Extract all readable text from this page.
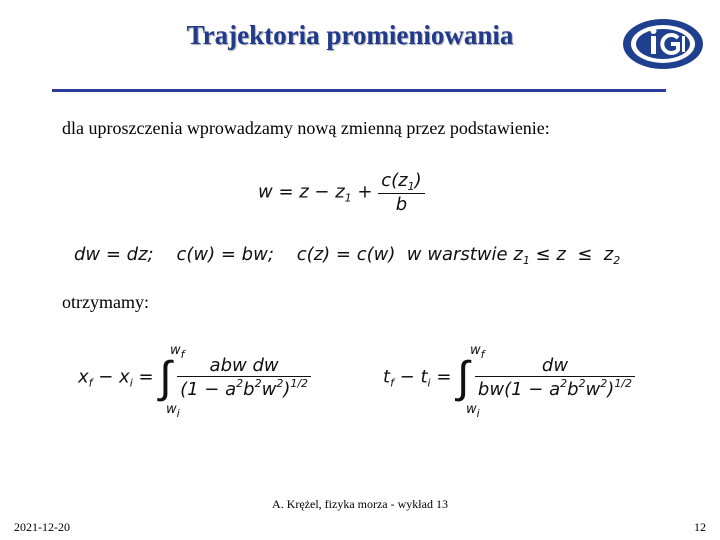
Trajektoria promieniowania
dla uproszczenia wprowadzamy nową zmienną przez podstawienie:
$w = z - z_1 + \frac{c(z_1)}{b}$
dw = dz;    c(w) = bw;    c(z) = c(w)  w warstwie $z_1 \le z \le z_2$
otrzymamy:
$x_f - x_i$ = ∫ $\frac{\text{abw dw}}{(1 - a^2b^2w^2)^{1/2}}$
$w_f$
$w_i$
$t_f - t_i$ = ∫ $\frac{dw}{bw(1 - a^2b^2w^2)^{1/2}}$
$w_f$
$w_i$
A. Krężel, fizyka morza - wykład 13
2021-12-20	12
